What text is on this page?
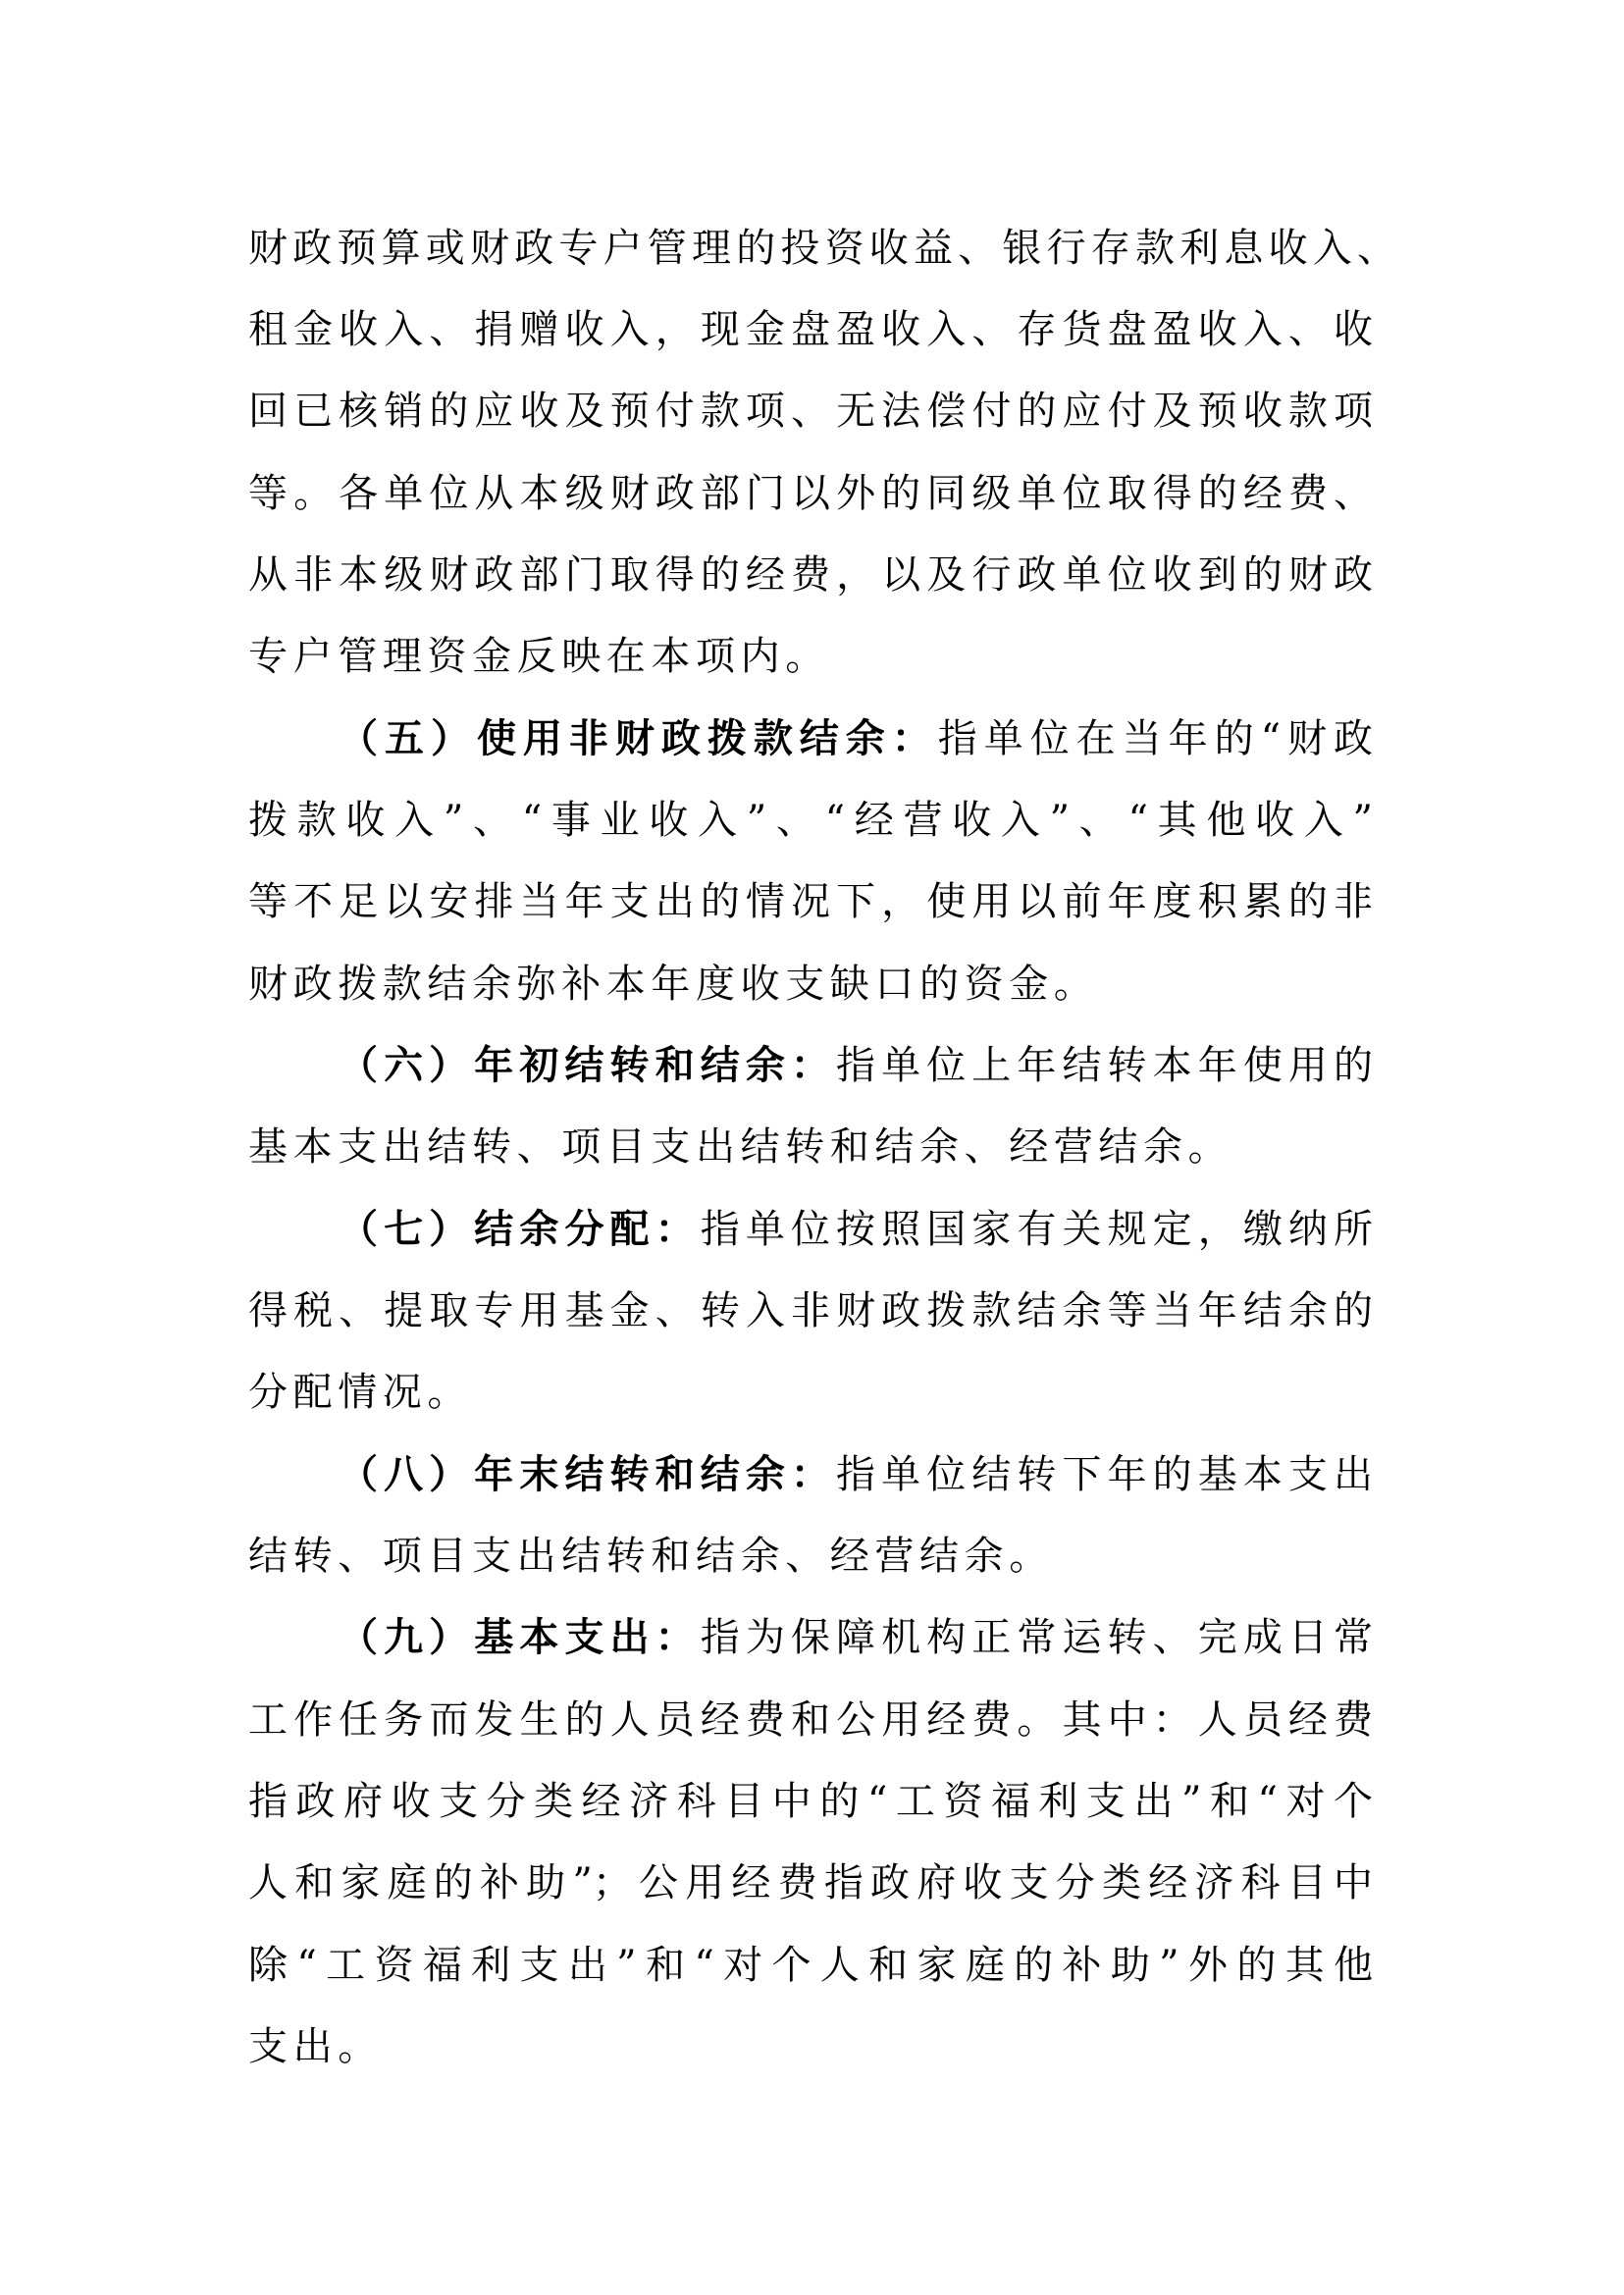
财政预算或财政专户管理的投资收益、银行存款利息收入、
租金收入、捐赠收入，现金盘盈收入、存货盘盈收入、收
回已核销的应收及预付款项、无法偿付的应付及预收款项
等。各单位从本级财政部门以外的同级单位取得的经费、
从非本级财政部门取得的经费，以及行政单位收到的财政
专户管理资金反映在本项内。
（五）使用非财政拨款结余：指单位在当年的“财政
拨款收入”、“事业收入”、“经营收入”、“其他收入”
等不足以安排当年支出的情况下，使用以前年度积累的非
财政拨款结余弥补本年度收支缺口的资金。
（六）年初结转和结余：指单位上年结转本年使用的
基本支出结转、项目支出结转和结余、经营结余。
（七）结余分配：指单位按照国家有关规定，缴纳所
得税、提取专用基金、转入非财政拨款结余等当年结余的
分配情况。
（八）年末结转和结余：指单位结转下年的基本支出
结转、项目支出结转和结余、经营结余。
（九）基本支出：指为保障机构正常运转、完成日常
工作任务而发生的人员经费和公用经费。其中：人员经费
指政府收支分类经济科目中的“工资福利支出”和“对个
人和家庭的补助”；公用经费指政府收支分类经济科目中
除“工资福利支出”和“对个人和家庭的补助”外的其他
支出。
